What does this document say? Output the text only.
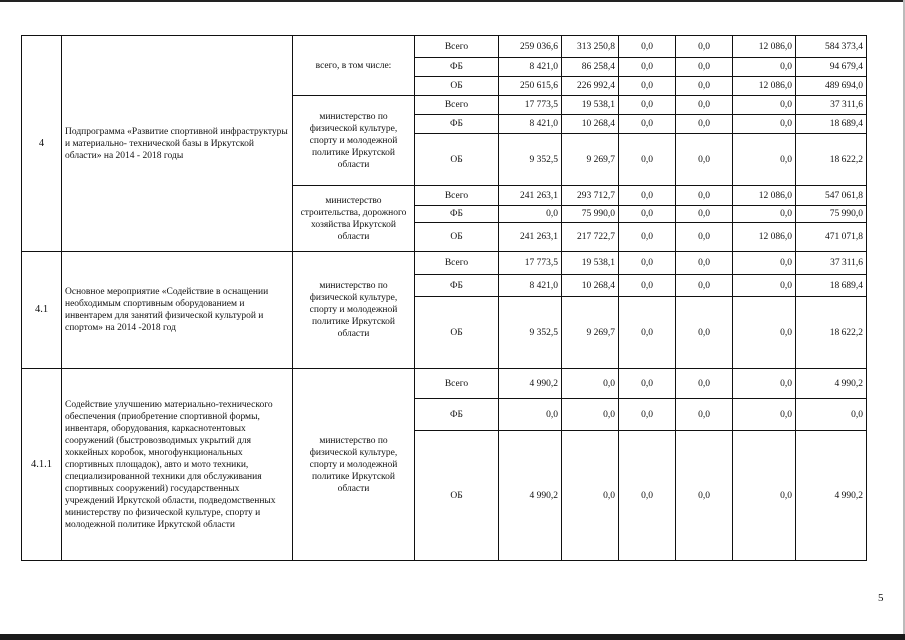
4	Подпрограмма «Развитие спортивной инфраструктуры и материально- технической базы в Иркутской области» на 2014 - 2018 годы	всего, в том числе:	Всего	259 036,6	313 250,8	0,0	0,0	12 086,0	584 373,4
			ФБ	8 421,0	86 258,4	0,0	0,0	0,0	94 679,4
			ОБ	250 615,6	226 992,4	0,0	0,0	12 086,0	489 694,0
		министерство по физической культуре, спорту и молодежной политике Иркутской области	Всего	17 773,5	19 538,1	0,0	0,0	0,0	37 311,6
			ФБ	8 421,0	10 268,4	0,0	0,0	0,0	18 689,4
			ОБ	9 352,5	9 269,7	0,0	0,0	0,0	18 622,2
		министерство строительства, дорожного хозяйства Иркутской области	Всего	241 263,1	293 712,7	0,0	0,0	12 086,0	547 061,8
			ФБ	0,0	75 990,0	0,0	0,0	0,0	75 990,0
			ОБ	241 263,1	217 722,7	0,0	0,0	12 086,0	471 071,8
4.1	Основное мероприятие «Содействие в оснащении необходимым спортивным оборудованием и инвентарем для занятий физической культурой и спортом» на 2014 -2018 год	министерство по физической культуре, спорту и молодежной политике Иркутской области	Всего	17 773,5	19 538,1	0,0	0,0	0,0	37 311,6
			ФБ	8 421,0	10 268,4	0,0	0,0	0,0	18 689,4
			ОБ	9 352,5	9 269,7	0,0	0,0	0,0	18 622,2
4.1.1	Содействие улучшению материально-технического обеспечения (приобретение спортивной формы, инвентаря, оборудования, каркаснотентовых сооружений (быстровозводимых укрытий для хоккейных коробок, многофункциональных спортивных площадок), авто и мото техники, специализированной техники для обслуживания спортивных сооружений) государственных учреждений Иркутской области, подведомственных министерству по физической культуре, спорту и молодежной политике Иркутской области	министерство по физической культуре, спорту и молодежной политике Иркутской области	Всего	4 990,2	0,0	0,0	0,0	0,0	4 990,2
			ФБ	0,0	0,0	0,0	0,0	0,0	0,0
			ОБ	4 990,2	0,0	0,0	0,0	0,0	4 990,2
5
